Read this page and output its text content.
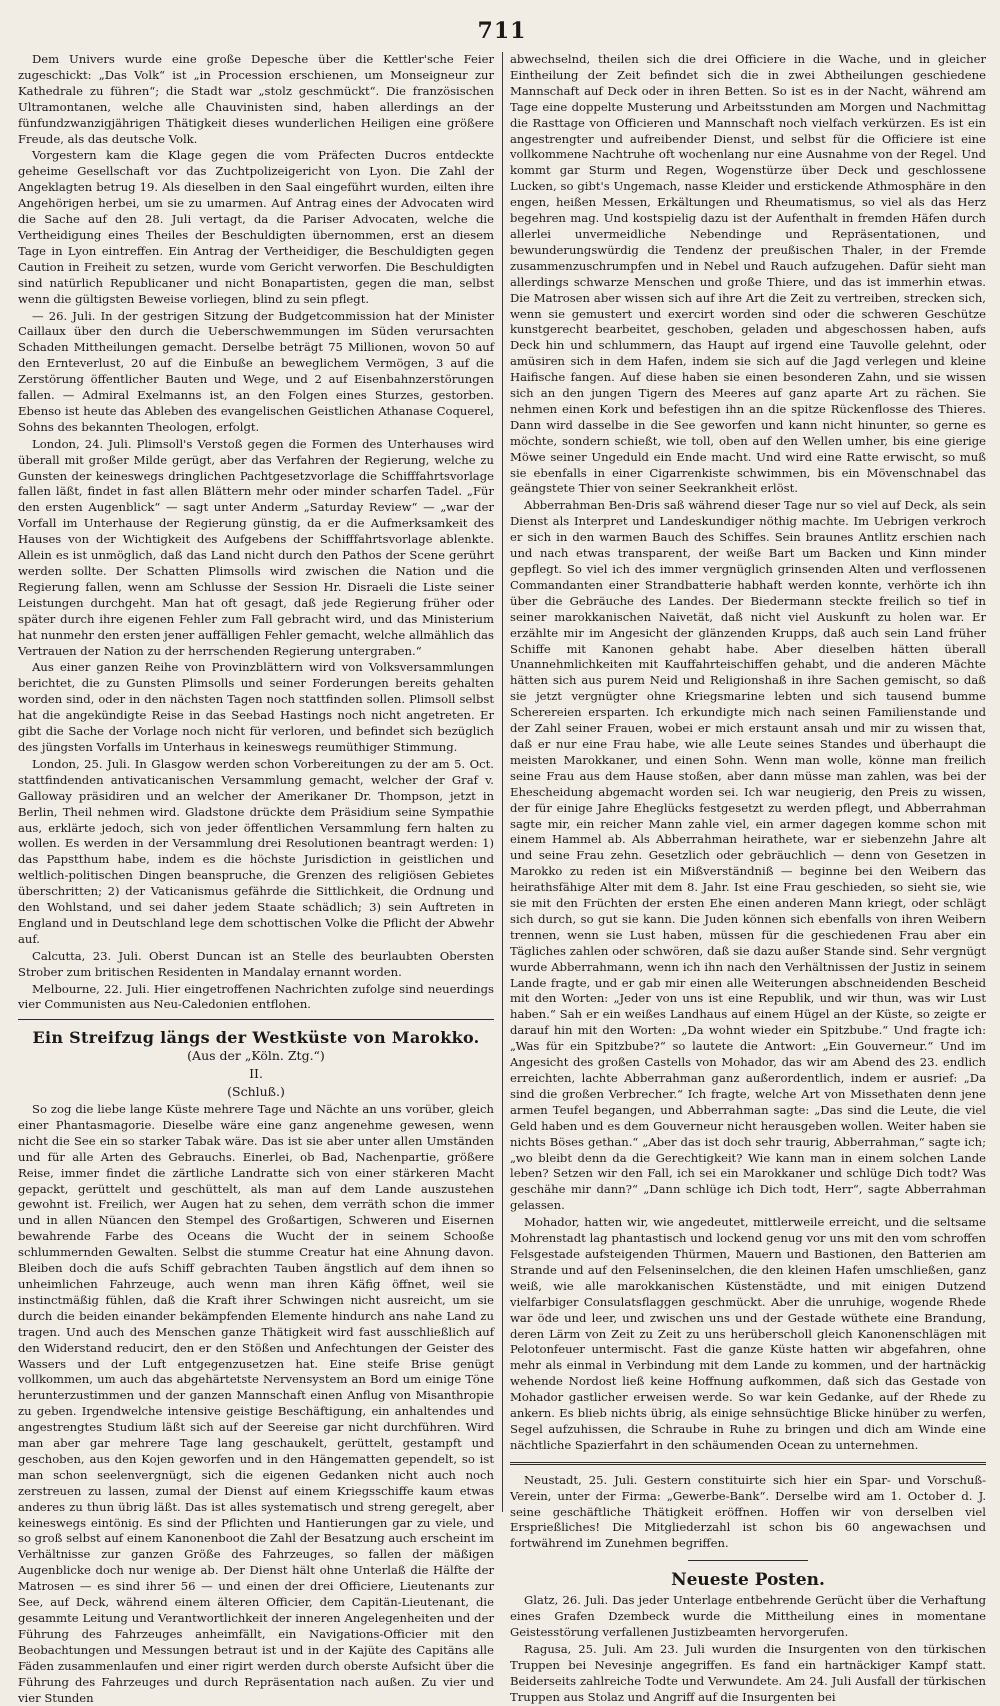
711

Dem Univers wurde eine große Depesche über die Kettler'sche Feier zugeschickt: „Das Volk“ ist „in Procession erschienen, um Monseigneur zur Kathedrale zu führen“; die Stadt war „stolz geschmückt“. Die französischen Ultramontanen, welche alle Chauvinisten sind, haben allerdings an der fünfundzwanzigjährigen Thätigkeit dieses wunderlichen Heiligen eine größere Freude, als das deutsche Volk.

Vorgestern kam die Klage gegen die vom Präfecten Ducros entdeckte geheime Gesellschaft vor das Zuchtpolizeigericht von Lyon. Die Zahl der Angeklagten betrug 19. Als dieselben in den Saal eingeführt wurden, eilten ihre Angehörigen herbei, um sie zu umarmen. Auf Antrag eines der Advocaten wird die Sache auf den 28. Juli vertagt, da die Pariser Advocaten, welche die Vertheidigung eines Theiles der Beschuldigten übernommen, erst an diesem Tage in Lyon eintreffen. Ein Antrag der Vertheidiger, die Beschuldigten gegen Caution in Freiheit zu setzen, wurde vom Gericht verworfen. Die Beschuldigten sind natürlich Republicaner und nicht Bonapartisten, gegen die man, selbst wenn die gültigsten Beweise vorliegen, blind zu sein pflegt.

— 26. Juli. In der gestrigen Sitzung der Budgetcommission hat der Minister Caillaux über den durch die Ueberschwemmungen im Süden verursachten Schaden Mittheilungen gemacht. Derselbe beträgt 75 Millionen, wovon 50 auf den Ernteverlust, 20 auf die Einbuße an beweglichem Vermögen, 3 auf die Zerstörung öffentlicher Bauten und Wege, und 2 auf Eisenbahnzerstörungen fallen. — Admiral Exelmanns ist, an den Folgen eines Sturzes, gestorben. Ebenso ist heute das Ableben des evangelischen Geistlichen Athanase Coquerel, Sohns des bekannten Theologen, erfolgt.

London, 24. Juli. Plimsoll's Verstoß gegen die Formen des Unterhauses wird überall mit großer Milde gerügt, aber das Verfahren der Regierung, welche zu Gunsten der keineswegs dringlichen Pachtgesetzvorlage die Schifffahrtsvorlage fallen läßt, findet in fast allen Blättern mehr oder minder scharfen Tadel. „Für den ersten Augenblick“ — sagt unter Anderm „Saturday Review“ — „war der Vorfall im Unterhause der Regierung günstig, da er die Aufmerksamkeit des Hauses von der Wichtigkeit des Aufgebens der Schifffahrtsvorlage ablenkte. Allein es ist unmöglich, daß das Land nicht durch den Pathos der Scene gerührt werden sollte. Der Schatten Plimsolls wird zwischen die Nation und die Regierung fallen, wenn am Schlusse der Session Hr. Disraeli die Liste seiner Leistungen durchgeht. Man hat oft gesagt, daß jede Regierung früher oder später durch ihre eigenen Fehler zum Fall gebracht wird, und das Ministerium hat nunmehr den ersten jener auffälligen Fehler gemacht, welche allmählich das Vertrauen der Nation zu der herrschenden Regierung untergraben.“

Aus einer ganzen Reihe von Provinzblättern wird von Volksversammlungen berichtet, die zu Gunsten Plimsolls und seiner Forderungen bereits gehalten worden sind, oder in den nächsten Tagen noch stattfinden sollen. Plimsoll selbst hat die angekündigte Reise in das Seebad Hastings noch nicht angetreten. Er gibt die Sache der Vorlage noch nicht für verloren, und befindet sich bezüglich des jüngsten Vorfalls im Unterhaus in keineswegs reumüthiger Stimmung.

London, 25. Juli. In Glasgow werden schon Vorbereitungen zu der am 5. Oct. stattfindenden antivaticanischen Versammlung gemacht, welcher der Graf v. Galloway präsidiren und an welcher der Amerikaner Dr. Thompson, jetzt in Berlin, Theil nehmen wird. Gladstone drückte dem Präsidium seine Sympathie aus, erklärte jedoch, sich von jeder öffentlichen Versammlung fern halten zu wollen. Es werden in der Versammlung drei Resolutionen beantragt werden: 1) das Papstthum habe, indem es die höchste Jurisdiction in geistlichen und weltlich-politischen Dingen beanspruche, die Grenzen des religiösen Gebietes überschritten; 2) der Vaticanismus gefährde die Sittlichkeit, die Ordnung und den Wohlstand, und sei daher jedem Staate schädlich; 3) sein Auftreten in England und in Deutschland lege dem schottischen Volke die Pflicht der Abwehr auf.

Calcutta, 23. Juli. Oberst Duncan ist an Stelle des beurlaubten Obersten Strober zum britischen Residenten in Mandalay ernannt worden.

Melbourne, 22. Juli. Hier eingetroffenen Nachrichten zufolge sind neuerdings vier Communisten aus Neu-Caledonien entflohen.

Ein Streifzug längs der Westküste von Marokko.
(Aus der „Köln. Ztg.“)
II.
(Schluß.)

So zog die liebe lange Küste mehrere Tage und Nächte an uns vorüber, gleich einer Phantasmagorie. Dieselbe wäre eine ganz angenehme gewesen, wenn nicht die See ein so starker Tabak wäre. Das ist sie aber unter allen Umständen und für alle Arten des Gebrauchs. Einerlei, ob Bad, Nachenpartie, größere Reise, immer findet die zärtliche Landratte sich von einer stärkeren Macht gepackt, gerüttelt und geschüttelt, als man auf dem Lande auszustehen gewohnt ist. Freilich, wer Augen hat zu sehen, dem verräth schon die immer und in allen Nüancen den Stempel des Großartigen, Schweren und Eisernen bewahrende Farbe des Oceans die Wucht der in seinem Schooße schlummernden Gewalten. Selbst die stumme Creatur hat eine Ahnung davon. Bleiben doch die aufs Schiff gebrachten Tauben ängstlich auf dem ihnen so unheimlichen Fahrzeuge, auch wenn man ihren Käfig öffnet, weil sie instinctmäßig fühlen, daß die Kraft ihrer Schwingen nicht ausreicht, um sie durch die beiden einander bekämpfenden Elemente hindurch ans nahe Land zu tragen. Und auch des Menschen ganze Thätigkeit wird fast ausschließlich auf den Widerstand reducirt, den er den Stößen und Anfechtungen der Geister des Wassers und der Luft entgegenzusetzen hat. Eine steife Brise genügt vollkommen, um auch das abgehärtetste Nervensystem an Bord um einige Töne herunterzustimmen und der ganzen Mannschaft einen Anflug von Misanthropie zu geben. Irgendwelche intensive geistige Beschäftigung, ein anhaltendes und angestrengtes Studium läßt sich auf der Seereise gar nicht durchführen. Wird man aber gar mehrere Tage lang geschaukelt, gerüttelt, gestampft und geschoben, aus den Kojen geworfen und in den Hängematten gependelt, so ist man schon seelenvergnügt, sich die eigenen Gedanken nicht auch noch zerstreuen zu lassen, zumal der Dienst auf einem Kriegsschiffe kaum etwas anderes zu thun übrig läßt. Das ist alles systematisch und streng geregelt, aber keineswegs eintönig. Es sind der Pflichten und Hantierungen gar zu viele, und so groß selbst auf einem Kanonenboot die Zahl der Besatzung auch erscheint im Verhältnisse zur ganzen Größe des Fahrzeuges, so fallen der mäßigen Augenblicke doch nur wenige ab. Der Dienst hält ohne Unterlaß die Hälfte der Matrosen — es sind ihrer 56 — und einen der drei Officiere, Lieutenants zur See, auf Deck, während einem älteren Officier, dem Capitän-Lieutenant, die gesammte Leitung und Verantwortlichkeit der inneren Angelegenheiten und der Führung des Fahrzeuges anheimfällt, ein Navigations-Officier mit den Beobachtungen und Messungen betraut ist und in der Kajüte des Capitäns alle Fäden zusammenlaufen und einer rigirt werden durch oberste Aufsicht über die Führung des Fahrzeuges und durch Repräsentation nach außen. Zu vier und vier Stunden

abwechselnd, theilen sich die drei Officiere in die Wache, und in gleicher Eintheilung der Zeit befindet sich die in zwei Abtheilungen geschiedene Mannschaft auf Deck oder in ihren Betten. So ist es in der Nacht, während am Tage eine doppelte Musterung und Arbeitsstunden am Morgen und Nachmittag die Rasttage von Officieren und Mannschaft noch vielfach verkürzen. Es ist ein angestrengter und aufreibender Dienst, und selbst für die Officiere ist eine vollkommene Nachtruhe oft wochenlang nur eine Ausnahme von der Regel. Und kommt gar Sturm und Regen, Wogenstürze über Deck und geschlossene Lucken, so gibt's Ungemach, nasse Kleider und erstickende Athmosphäre in den engen, heißen Messen, Erkältungen und Rheumatismus, so viel als das Herz begehren mag. Und kostspielig dazu ist der Aufenthalt in fremden Häfen durch allerlei unvermeidliche Nebendinge und Repräsentationen, und bewunderungswürdig die Tendenz der preußischen Thaler, in der Fremde zusammenzuschrumpfen und in Nebel und Rauch aufzugehen. Dafür sieht man allerdings schwarze Menschen und große Thiere, und das ist immerhin etwas. Die Matrosen aber wissen sich auf ihre Art die Zeit zu vertreiben, strecken sich, wenn sie gemustert und exercirt worden sind oder die schweren Geschütze kunstgerecht bearbeitet, geschoben, geladen und abgeschossen haben, aufs Deck hin und schlummern, das Haupt auf irgend eine Tauvolle gelehnt, oder amüsiren sich in dem Hafen, indem sie sich auf die Jagd verlegen und kleine Haifische fangen. Auf diese haben sie einen besonderen Zahn, und sie wissen sich an den jungen Tigern des Meeres auf ganz aparte Art zu rächen. Sie nehmen einen Kork und befestigen ihn an die spitze Rückenflosse des Thieres. Dann wird dasselbe in die See geworfen und kann nicht hinunter, so gerne es möchte, sondern schießt, wie toll, oben auf den Wellen umher, bis eine gierige Möwe seiner Ungeduld ein Ende macht. Und wird eine Ratte erwischt, so muß sie ebenfalls in einer Cigarrenkiste schwimmen, bis ein Mövenschnabel das geängstete Thier von seiner Seekrankheit erlöst.

Abberrahman Ben-Dris saß während dieser Tage nur so viel auf Deck, als sein Dienst als Interpret und Landeskundiger nöthig machte. Im Uebrigen verkroch er sich in den warmen Bauch des Schiffes. Sein braunes Antlitz erschien nach und nach etwas transparent, der weiße Bart um Backen und Kinn minder gepflegt. So viel ich des immer vergnüglich grinsenden Alten und verflossenen Commandanten einer Strandbatterie habhaft werden konnte, verhörte ich ihn über die Gebräuche des Landes. Der Biedermann steckte freilich so tief in seiner marokkanischen Naivetät, daß nicht viel Auskunft zu holen war. Er erzählte mir im Angesicht der glänzenden Krupps, daß auch sein Land früher Schiffe mit Kanonen gehabt habe. Aber dieselben hätten überall Unannehmlichkeiten mit Kauffahrteischiffen gehabt, und die anderen Mächte hätten sich aus purem Neid und Religionshaß in ihre Sachen gemischt, so daß sie jetzt vergnügter ohne Kriegsmarine lebten und sich tausend bumme Scherereien ersparten. Ich erkundigte mich nach seinen Familienstande und der Zahl seiner Frauen, wobei er mich erstaunt ansah und mir zu wissen that, daß er nur eine Frau habe, wie alle Leute seines Standes und überhaupt die meisten Marokkaner, und einen Sohn. Wenn man wolle, könne man freilich seine Frau aus dem Hause stoßen, aber dann müsse man zahlen, was bei der Ehescheidung abgemacht worden sei. Ich war neugierig, den Preis zu wissen, der für einige Jahre Eheglücks festgesetzt zu werden pflegt, und Abberrahman sagte mir, ein reicher Mann zahle viel, ein armer dagegen komme schon mit einem Hammel ab. Als Abberrahman heirathete, war er siebenzehn Jahre alt und seine Frau zehn. Gesetzlich oder gebräuchlich — denn von Gesetzen in Marokko zu reden ist ein Mißverständniß — beginne bei den Weibern das heirathsfähige Alter mit dem 8. Jahr. Ist eine Frau geschieden, so sieht sie, wie sie mit den Früchten der ersten Ehe einen anderen Mann kriegt, oder schlägt sich durch, so gut sie kann. Die Juden können sich ebenfalls von ihren Weibern trennen, wenn sie Lust haben, müssen für die geschiedenen Frau aber ein Tägliches zahlen oder schwören, daß sie dazu außer Stande sind. Sehr vergnügt wurde Abberrahmann, wenn ich ihn nach den Verhältnissen der Justiz in seinem Lande fragte, und er gab mir einen alle Weiterungen abschneidenden Bescheid mit den Worten: „Jeder von uns ist eine Republik, und wir thun, was wir Lust haben.“ Sah er ein weißes Landhaus auf einem Hügel an der Küste, so zeigte er darauf hin mit den Worten: „Da wohnt wieder ein Spitzbube.“ Und fragte ich: „Was für ein Spitzbube?“ so lautete die Antwort: „Ein Gouverneur.“ Und im Angesicht des großen Castells von Mohador, das wir am Abend des 23. endlich erreichten, lachte Abberrahman ganz außerordentlich, indem er ausrief: „Da sind die großen Verbrecher.“ Ich fragte, welche Art von Missethaten denn jene armen Teufel begangen, und Abberrahman sagte: „Das sind die Leute, die viel Geld haben und es dem Gouverneur nicht herausgeben wollen. Weiter haben sie nichts Böses gethan.“ „Aber das ist doch sehr traurig, Abberrahman,“ sagte ich; „wo bleibt denn da die Gerechtigkeit? Wie kann man in einem solchen Lande leben? Setzen wir den Fall, ich sei ein Marokkaner und schlüge Dich todt? Was geschähe mir dann?“ „Dann schlüge ich Dich todt, Herr“, sagte Abberrahman gelassen.

Mohador, hatten wir, wie angedeutet, mittlerweile erreicht, und die seltsame Mohrenstadt lag phantastisch und lockend genug vor uns mit den vom schroffen Felsgestade aufsteigenden Thürmen, Mauern und Bastionen, den Batterien am Strande und auf den Felseninselchen, die den kleinen Hafen umschließen, ganz weiß, wie alle marokkanischen Küstenstädte, und mit einigen Dutzend vielfarbiger Consulatsflaggen geschmückt. Aber die unruhige, wogende Rhede war öde und leer, und zwischen uns und der Gestade wüthete eine Brandung, deren Lärm von Zeit zu Zeit zu uns herüberscholl gleich Kanonenschlägen mit Pelotonfeuer untermischt. Fast die ganze Küste hatten wir abgefahren, ohne mehr als einmal in Verbindung mit dem Lande zu kommen, und der hartnäckig wehende Nordost ließ keine Hoffnung aufkommen, daß sich das Gestade von Mohador gastlicher erweisen werde. So war kein Gedanke, auf der Rhede zu ankern. Es blieb nichts übrig, als einige sehnsüchtige Blicke hinüber zu werfen, Segel aufzuhissen, die Schraube in Ruhe zu bringen und dich am Winde eine nächtliche Spazierfahrt in den schäumenden Ocean zu unternehmen.

Neustadt, 25. Juli. Gestern constituirte sich hier ein Spar- und Vorschuß-Verein, unter der Firma: „Gewerbe-Bank“. Derselbe wird am 1. October d. J. seine geschäftliche Thätigkeit eröffnen. Hoffen wir von derselben viel Ersprießliches! Die Mitgliederzahl ist schon bis 60 angewachsen und fortwährend im Zunehmen begriffen.

Neueste Posten.

Glatz, 26. Juli. Das jeder Unterlage entbehrende Gerücht über die Verhaftung eines Grafen Dzembeck wurde die Mittheilung eines in momentane Geistesstörung verfallenen Justizbeamten hervorgerufen.

Ragusa, 25. Juli. Am 23. Juli wurden die Insurgenten von den türkischen Truppen bei Nevesinje angegriffen. Es fand ein hartnäckiger Kampf statt. Beiderseits zahlreiche Todte und Verwundete. Am 24. Juli Ausfall der türkischen Truppen aus Stolaz und Angriff auf die Insurgenten bei
